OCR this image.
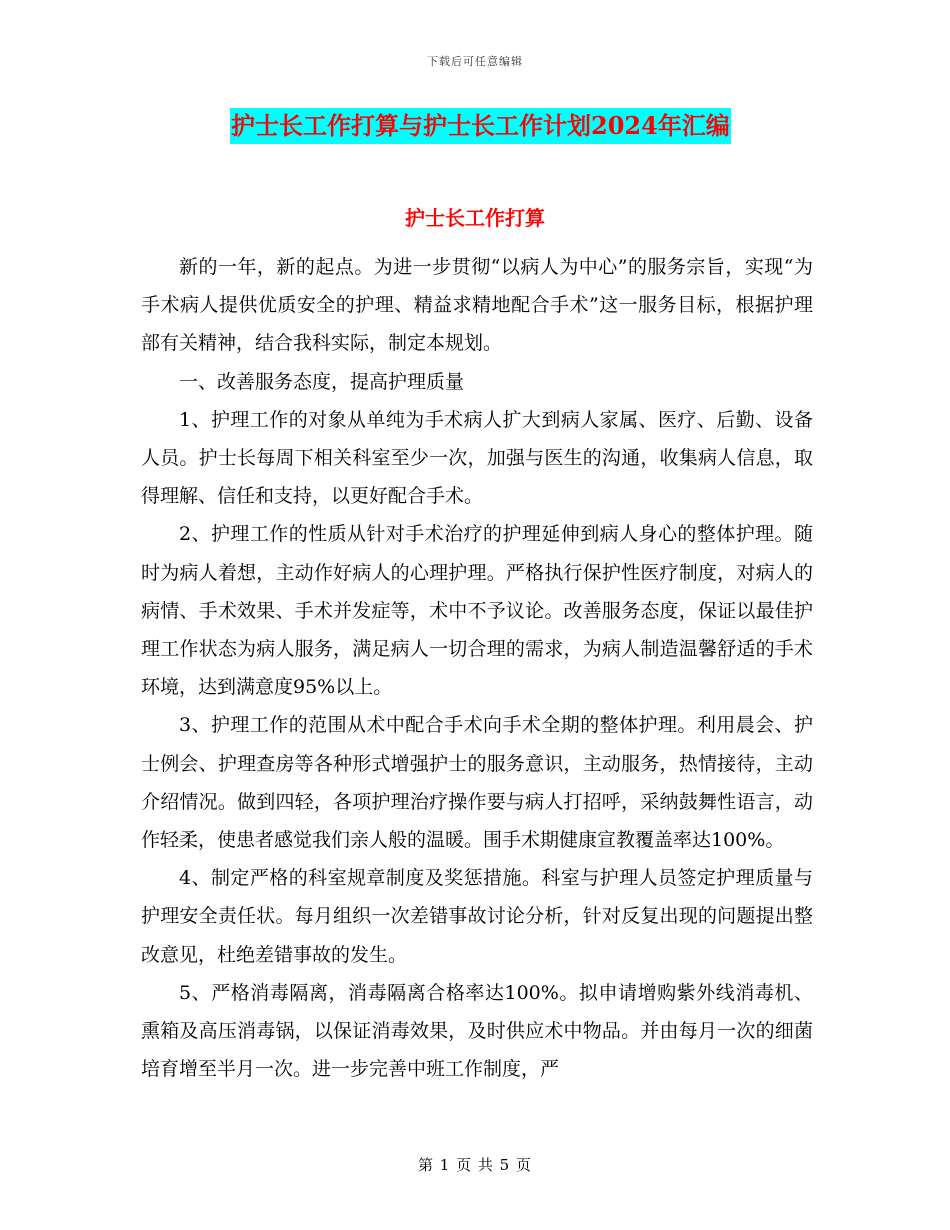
下载后可任意编辑
护士长工作打算与护士长工作计划2024年汇编
护士长工作打算

新的一年，新的起点。为进一步贯彻“以病人为中心”的服务宗旨，实现“为手术病人提供优质安全的护理、精益求精地配合手术”这一服务目标，根据护理部有关精神，结合我科实际，制定本规划。

一、改善服务态度，提高护理质量

1、护理工作的对象从单纯为手术病人扩大到病人家属、医疗、后勤、设备人员。护士长每周下相关科室至少一次，加强与医生的沟通，收集病人信息，取得理解、信任和支持，以更好配合手术。

2、护理工作的性质从针对手术治疗的护理延伸到病人身心的整体护理。随时为病人着想，主动作好病人的心理护理。严格执行保护性医疗制度，对病人的病情、手术效果、手术并发症等，术中不予议论。改善服务态度，保证以最佳护理工作状态为病人服务，满足病人一切合理的需求，为病人制造温馨舒适的手术环境，达到满意度95%以上。

3、护理工作的范围从术中配合手术向手术全期的整体护理。利用晨会、护士例会、护理查房等各种形式增强护士的服务意识，主动服务，热情接待，主动介绍情况。做到四轻，各项护理治疗操作要与病人打招呼，采纳鼓舞性语言，动作轻柔，使患者感觉我们亲人般的温暖。围手术期健康宣教覆盖率达100%。

4、制定严格的科室规章制度及奖惩措施。科室与护理人员签定护理质量与护理安全责任状。每月组织一次差错事故讨论分析，针对反复出现的问题提出整改意见，杜绝差错事故的发生。

5、严格消毒隔离，消毒隔离合格率达100%。拟申请增购紫外线消毒机、熏箱及高压消毒锅，以保证消毒效果，及时供应术中物品。并由每月一次的细菌培育增至半月一次。进一步完善中班工作制度，严

第 1 页 共 5 页
